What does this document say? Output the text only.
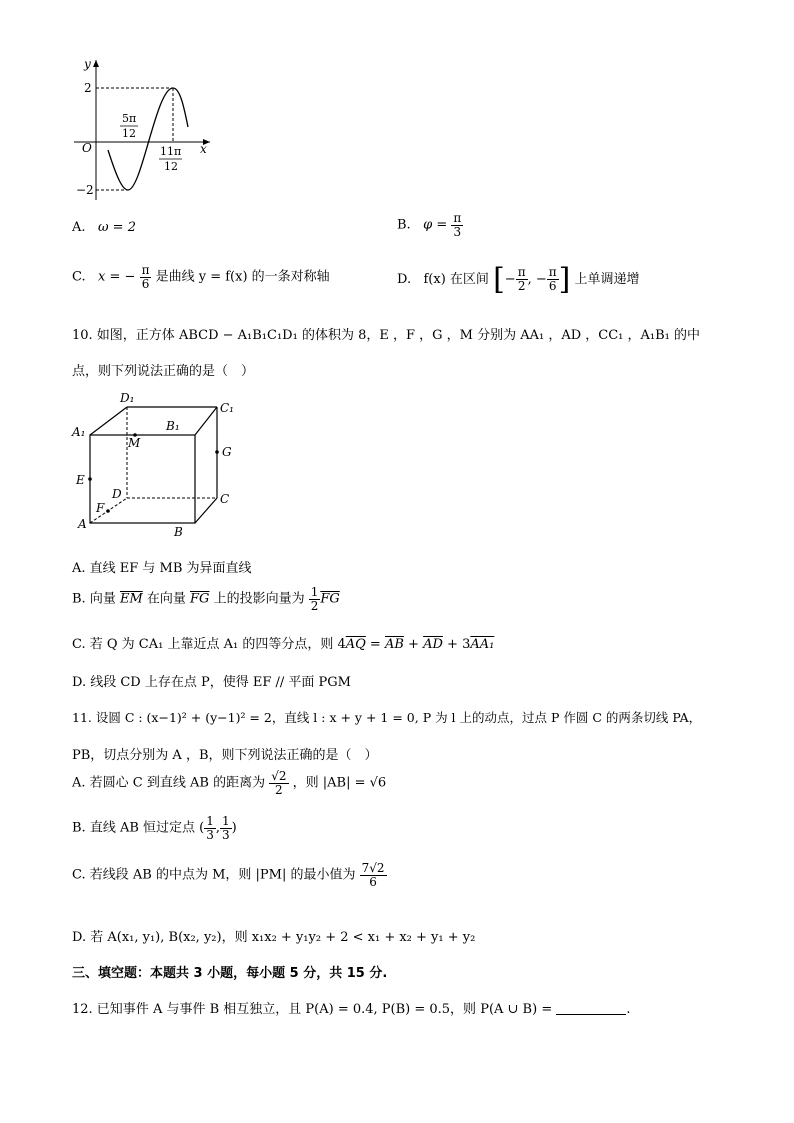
y
x
O
2
−2
5π
12
11π
12
A. ω = 2	B. $\varphi = \frac{\pi}{3}$
C. x = − $\frac{\pi}{6}$ 是曲线 y = f(x) 的一条对称轴	D. f(x) 在区间 [− $\frac{\pi}{2}$ , − $\frac{\pi}{6}$ ] 上单调递增
10. 如图，正方体 ABCD − A₁B₁C₁D₁ 的体积为 8，E ，F ，G ，M 分别为 AA₁ ，AD ，CC₁ ，A₁B₁ 的中
点，则下列说法正确的是（　）
D₁
C₁
A₁	B₁
M
G
E
D	C
F
A
B
A. 直线 EF 与 MB 为异面直线
B. 向量 $\overline{EM}$ 在向量 $\overline{FG}$ 上的投影向量为 $\frac{1}{2} \overline{FG}$
C. 若 Q 为 CA₁ 上靠近点 A₁ 的四等分点，则 $4\overline{AQ} = \overline{AB} + \overline{AD} + 3AA_1$
D. 线段 CD 上存在点 P，使得 EF // 平面 PGM
11. 设圆 C : (x−1)² + (y−1)² = 2，直线 l : x + y + 1 = 0, P 为 l 上的动点，过点 P 作圆 C 的两条切线 PA，
PB，切点分别为 A ，B，则下列说法正确的是（　）
A. 若圆心 C 到直线 AB 的距离为 $\frac{√2}{2}$ ，则 |AB| = √6
B. 直线 AB 恒过定点 ( $\frac{1}{3}$ , $\frac{1}{3}$ )
C. 若线段 AB 的中点为 M，则 |PM| 的最小值为 $\frac{7√2}{6}$
D. 若 A(x₁, y₁), B(x₂, y₂)，则 x₁x₂ + y₁y₂ + 2 < x₁ + x₂ + y₁ + y₂
三、填空题：本题共 3 小题，每小题 5 分，共 15 分.
12. 已知事件 A 与事件 B 相互独立，且 P(A) = 0.4, P(B) = 0.5，则 P(A ∪ B) =	.
